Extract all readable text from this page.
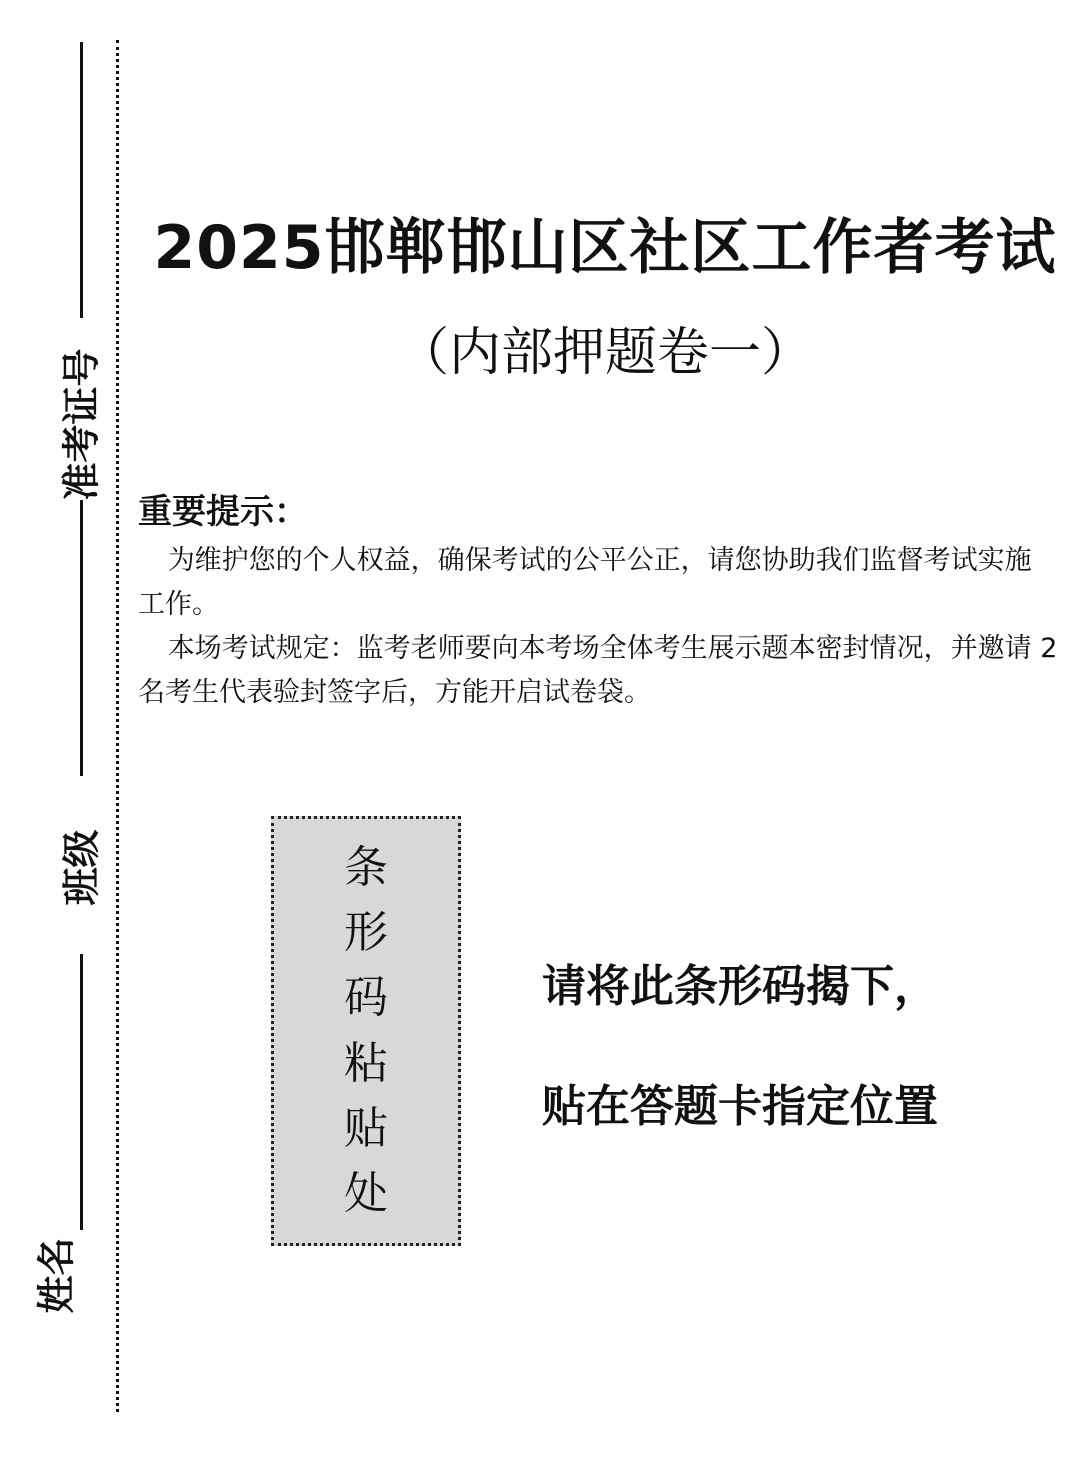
准考证号
班级
姓名
2025邯郸邯山区社区工作者考试
（内部押题卷一）
重要提示：

为维护您的个人权益，确保考试的公平公正，请您协助我们监督考试实施工作。

本场考试规定：监考老师要向本考场全体考生展示题本密封情况，并邀请 2名考生代表验封签字后，方能开启试卷袋。

条
形
码
粘
贴
处
请将此条形码揭下，
贴在答题卡指定位置
